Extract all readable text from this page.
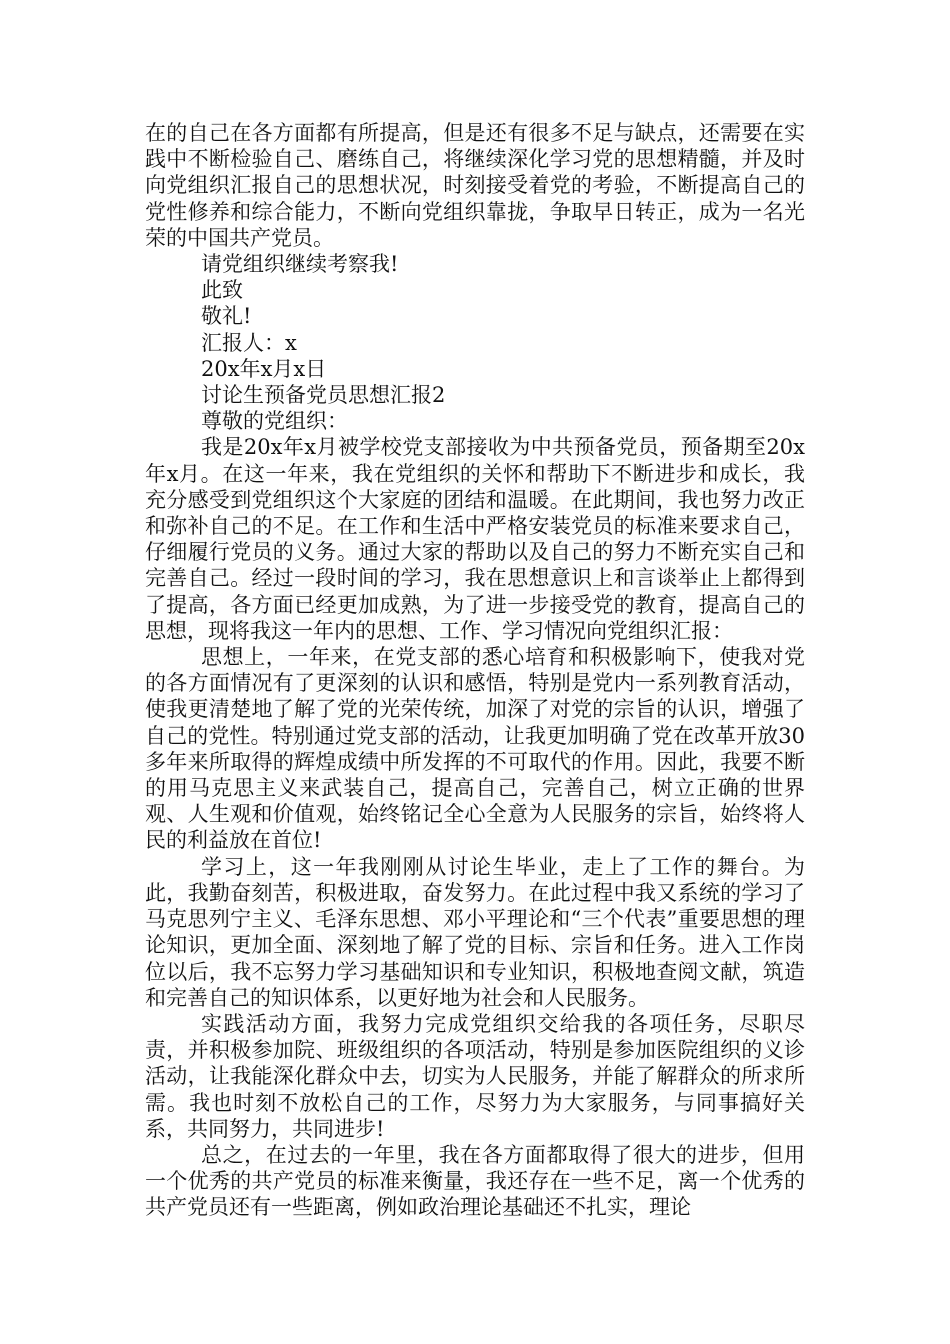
在的自己在各方面都有所提高，但是还有很多不足与缺点，还需要在实践中不断检验自己、磨练自己，将继续深化学习党的思想精髓，并及时向党组织汇报自己的思想状况，时刻接受着党的考验，不断提高自己的党性修养和综合能力，不断向党组织靠拢，争取早日转正，成为一名光荣的中国共产党员。

请党组织继续考察我!

此致

敬礼!

汇报人：x

20x年x月x日

讨论生预备党员思想汇报2

尊敬的党组织：

我是20x年x月被学校党支部接收为中共预备党员，预备期至20x年x月。在这一年来，我在党组织的关怀和帮助下不断进步和成长，我充分感受到党组织这个大家庭的团结和温暖。在此期间，我也努力改正和弥补自己的不足。在工作和生活中严格安装党员的标准来要求自己，仔细履行党员的义务。通过大家的帮助以及自己的努力不断充实自己和完善自己。经过一段时间的学习，我在思想意识上和言谈举止上都得到了提高，各方面已经更加成熟，为了进一步接受党的教育，提高自己的思想，现将我这一年内的思想、工作、学习情况向党组织汇报：

思想上，一年来，在党支部的悉心培育和积极影响下，使我对党的各方面情况有了更深刻的认识和感悟，特别是党内一系列教育活动，使我更清楚地了解了党的光荣传统，加深了对党的宗旨的认识，增强了自己的党性。特别通过党支部的活动，让我更加明确了党在改革开放30多年来所取得的辉煌成绩中所发挥的不可取代的作用。因此，我要不断的用马克思主义来武装自己，提高自己，完善自己，树立正确的世界观、人生观和价值观，始终铭记全心全意为人民服务的宗旨，始终将人民的利益放在首位!

学习上，这一年我刚刚从讨论生毕业，走上了工作的舞台。为此，我勤奋刻苦，积极进取，奋发努力。在此过程中我又系统的学习了马克思列宁主义、毛泽东思想、邓小平理论和“三个代表”重要思想的理论知识，更加全面、深刻地了解了党的目标、宗旨和任务。进入工作岗位以后，我不忘努力学习基础知识和专业知识，积极地查阅文献，筑造和完善自己的知识体系，以更好地为社会和人民服务。

实践活动方面，我努力完成党组织交给我的各项任务，尽职尽责，并积极参加院、班级组织的各项活动，特别是参加医院组织的义诊活动，让我能深化群众中去，切实为人民服务，并能了解群众的所求所需。我也时刻不放松自己的工作，尽努力为大家服务，与同事搞好关系，共同努力，共同进步!

总之，在过去的一年里，我在各方面都取得了很大的进步，但用一个优秀的共产党员的标准来衡量，我还存在一些不足，离一个优秀的共产党员还有一些距离，例如政治理论基础还不扎实，理论
